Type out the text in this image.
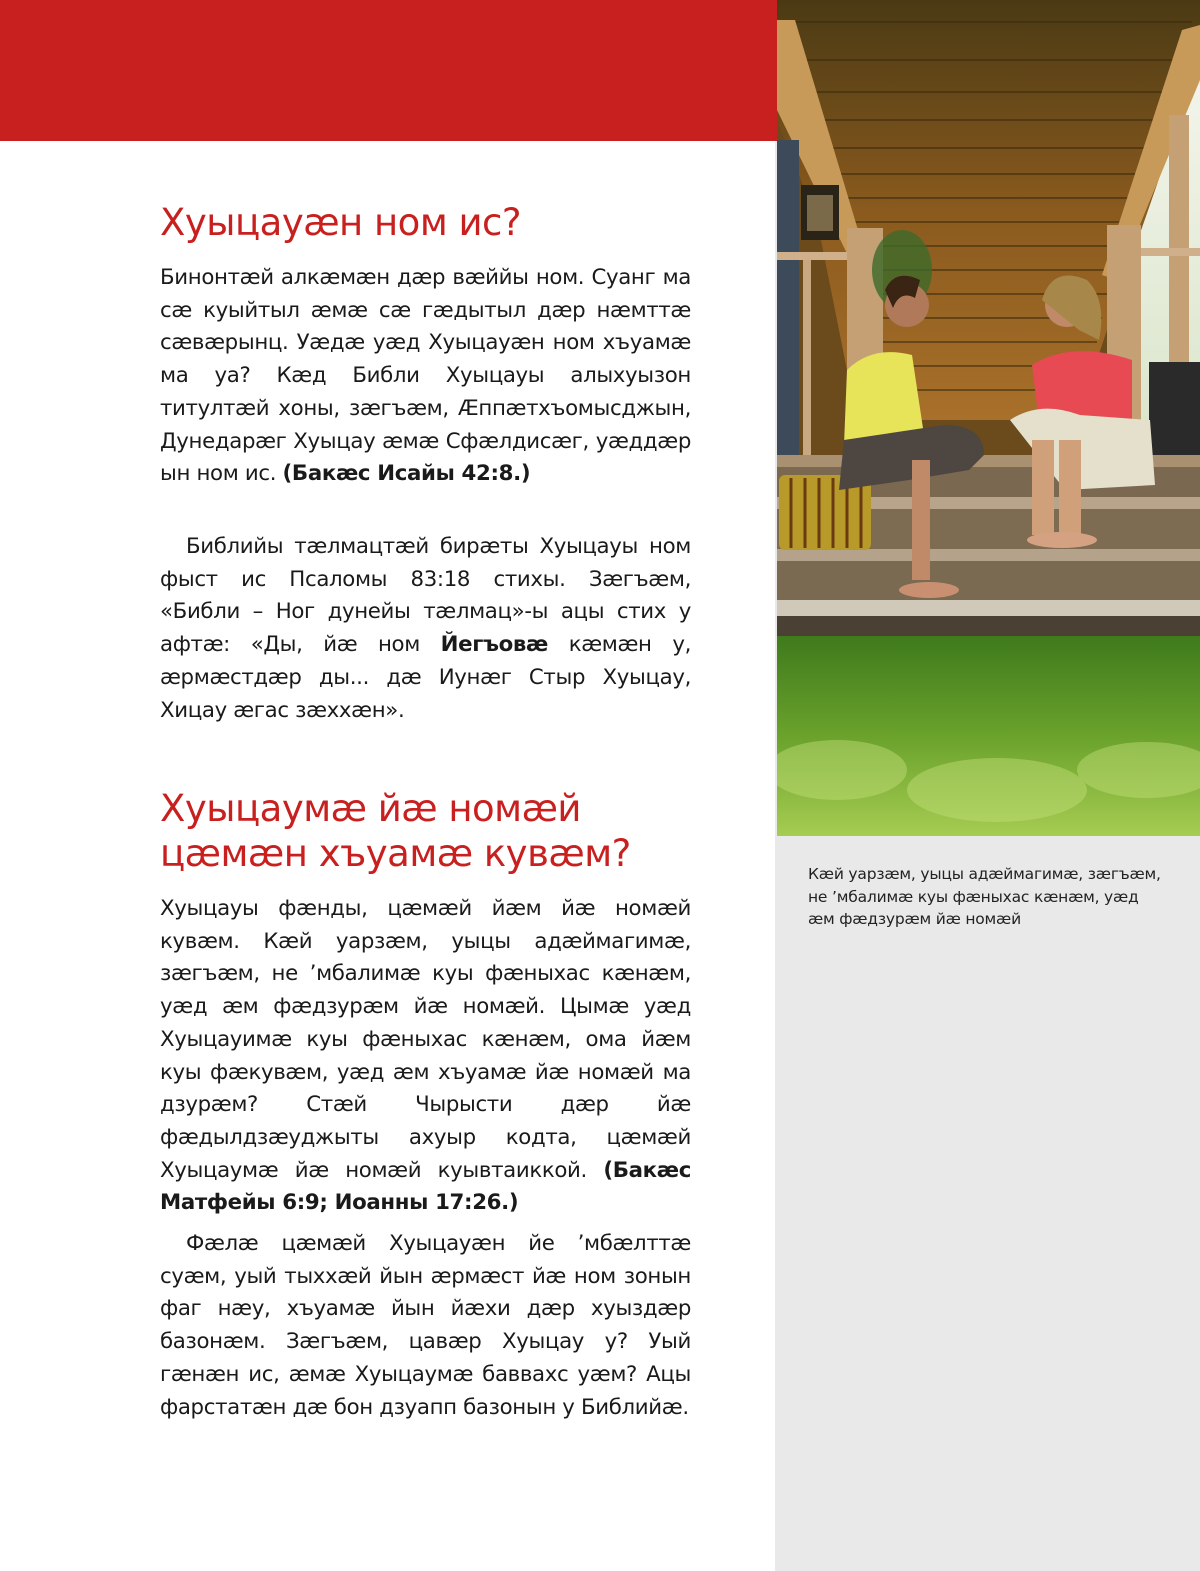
Кæй уарзæм, уыцы адæймагимæ, зæгъæм, не ’мбалимæ куы фæныхас кæнæм, уæд æм фæдзурæм йæ номæй
Хуыцауæн ном ис?

Бинонтæй алкæмæн дæр вæййы ном. Суанг ма сæ куыйтыл æмæ сæ гæдытыл дæр нæмттæ сæвæрынц. Уæдæ уæд Хуыцауæн ном хъуамæ ма уа? Кæд Библи Хуыцауы алыхуызон титултæй хоны, зæгъæм, Æппæтхъомысджын, Дунедарæг Хуыцау æмæ Сфæлдисæг, уæддæр ын ном ис. (Бакæс Исайы 42:8.)

Библийы тæлмацтæй бирæты Хуыцауы ном фыст ис Псаломы 83:18 стихы. Зæгъæм, «Библи – Ног дунейы тæлмац»-ы ацы стих у афтæ: «Ды, йæ ном Йегъовæ кæмæн у, æрмæстдæр ды... дæ Иунæг Стыр Хуыцау, Хицау æгас зæххæн».

Хуыцаумæ йæ номæй
цæмæн хъуамæ кувæм?

Хуыцауы фæнды, цæмæй йæм йæ номæй кувæм. Кæй уарзæм, уыцы адæймагимæ, зæгъæм, не ’мбалимæ куы фæныхас кæнæм, уæд æм фæдзурæм йæ номæй. Цымæ уæд Хуыцауимæ куы фæныхас кæнæм, ома йæм куы фæкувæм, уæд æм хъуамæ йæ номæй ма дзурæм? Стæй Чырысти дæр йæ фæдылдзæуджыты ахуыр кодта, цæмæй Хуыцаумæ йæ номæй куывтаиккой. (Бакæс Матфейы 6:9; Иоанны 17:26.)

Фæлæ цæмæй Хуыцауæн йе ’мбæлттæ суæм, уый тыххæй йын æрмæст йæ ном зонын фаг нæу, хъуамæ йын йæхи дæр хуыздæр базонæм. Зæгъæм, цавæр Хуыцау у? Уый гæнæн ис, æмæ Хуыцаумæ баввахс уæм? Ацы фарстатæн дæ бон дзуапп базонын у Библийæ.
